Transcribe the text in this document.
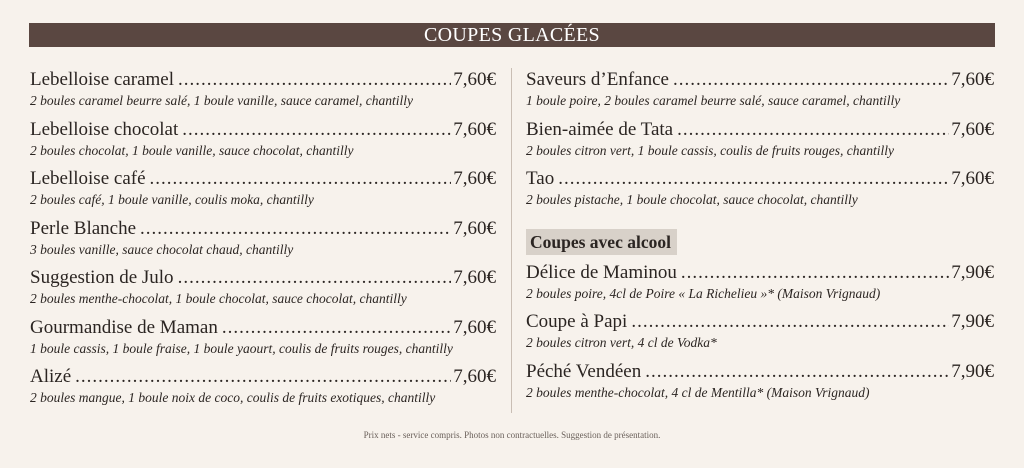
COUPES GLACÉES
Lebelloise caramel .....	7,60€
2 boules caramel beurre salé, 1 boule vanille, sauce caramel, chantilly
Lebelloise chocolat .....	7,60€
2 boules chocolat, 1 boule vanille, sauce chocolat, chantilly
Lebelloise café .....	7,60€
2 boules café, 1 boule vanille, coulis moka, chantilly
Perle Blanche .....	7,60€
3 boules vanille, sauce chocolat chaud, chantilly
Suggestion de Julo .....	7,60€
2 boules menthe-chocolat, 1 boule chocolat, sauce chocolat, chantilly
Gourmandise de Maman .....	7,60€
1 boule cassis, 1 boule fraise, 1 boule yaourt, coulis de fruits rouges, chantilly
Alizé .....	7,60€
2 boules mangue, 1 boule noix de coco, coulis de fruits exotiques, chantilly
Saveurs d’Enfance .....	7,60€
1 boule poire, 2 boules caramel beurre salé, sauce caramel, chantilly
Bien-aimée de Tata .....	7,60€
2 boules citron vert, 1 boule cassis, coulis de fruits rouges, chantilly
Tao .....	7,60€
2 boules pistache, 1 boule chocolat, sauce chocolat, chantilly
Coupes avec alcool
Délice de Maminou .....	7,90€
2 boules poire, 4cl de Poire « La Richelieu »* (Maison Vrignaud)
Coupe à Papi .....	7,90€
2 boules citron vert, 4 cl de Vodka*
Péché Vendéen .....	7,90€
2 boules menthe-chocolat, 4 cl de Mentilla* (Maison Vrignaud)
Prix nets - service compris. Photos non contractuelles. Suggestion de présentation.
